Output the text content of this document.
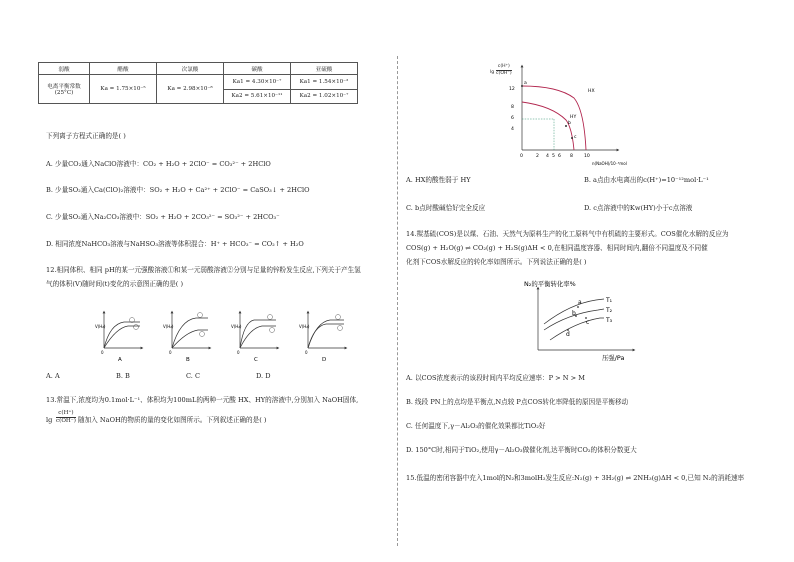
弱酸	醋酸	次氯酸	碳酸	亚硫酸

电离平衡常数
(25°C)	Ka = 1.75×10⁻⁵	Ka = 2.98×10⁻⁸	Ka1 = 4.30×10⁻⁷	Ka1 = 1.54×10⁻²
			Ka2 = 5.61×10⁻¹¹	Ka2 = 1.02×10⁻⁷
下列离子方程式正确的是( )
A. 少量CO₂通入NaClO溶液中：CO₂ + H₂O + 2ClO⁻ = CO₃²⁻ + 2HClO
B. 少量SO₂通入Ca(ClO)₂溶液中：SO₂ + H₂O + Ca²⁺ + 2ClO⁻ = CaSO₃↓ + 2HClO
C. 少量SO₂通入Na₂CO₃溶液中：SO₂ + H₂O + 2CO₃²⁻ = SO₃²⁻ + 2HCO₃⁻
D. 相同浓度NaHCO₃溶液与NaHSO₃溶液等体积混合：H⁺ + HCO₃⁻ = CO₂↑ + H₂O
12.相同体积、相同 pH的某一元强酸溶液①和某一元弱酸溶液②分别与足量的锌粉发生反应,下列关于产生氢
气的体积(V)随时间(t)变化的示意图正确的是( )
V(H₂)
0
A
V(H₂)
0
B
V(H₂)
0
C
V(H₂)
0
D
A. A	B. B	C. C	D. D
13.常温下,浓度均为0.1mol·L⁻¹、体积均为100mL的两种一元酸 HX、HY的溶液中,分别加入 NaOH固体,
$\lg \frac{c(H^+)}{c(OH^-)}$ 随加入 NaOH的物质的量的变化如图所示。下列叙述正确的是( )
12
8
6
4
0	2 4 5 6 8 10
n(NaOH)/10⁻³mol
a
b
c
HX
HY
$\lg \frac{c(H^+)}{c(OH^-)}$
A. HX的酸性弱于 HY	B. a点由水电离出的c(H⁺)=10⁻¹²mol·L⁻¹
C. b点时酸碱恰好完全反应	D. c点溶液中的Kw(HY)小于c点溶液
14.羰基硫(COS)是以煤、石油、天然气为原料生产的化工原料气中有机硫的主要形式。COS催化水解的反应为
COS(g) + H₂O(g) ⇌ CO₂(g) + H₂S(g)ΔH < 0,在相同温度容器、相同时间内,翻倍不同温度及不同催
化剂下COS水解反应的转化率如图所示。下列说法正确的是( )
N₂的平衡转化率%
压强/Pa
a
b
c
d
T₁
T₂
T₃
A. 以COS浓度表示的该段时间内平均反应速率：P > N > M
B. 线段 PN上的点均是平衡点,N点较 P点COS转化率降低的原因是平衡移动
C. 任何温度下,γ－Al₂O₃的催化效果都比TiO₂好
D. 150°C时,相同于TiO₂,使用γ－Al₂O₃做催化剂,达平衡时CO₂的体积分数更大
15.低温的密闭容器中充入1mol的N₂和3molH₂发生反应:N₂(g) + 3H₂(g) ⇌ 2NH₃(g)ΔH < 0,已知 N₂的消耗速率
